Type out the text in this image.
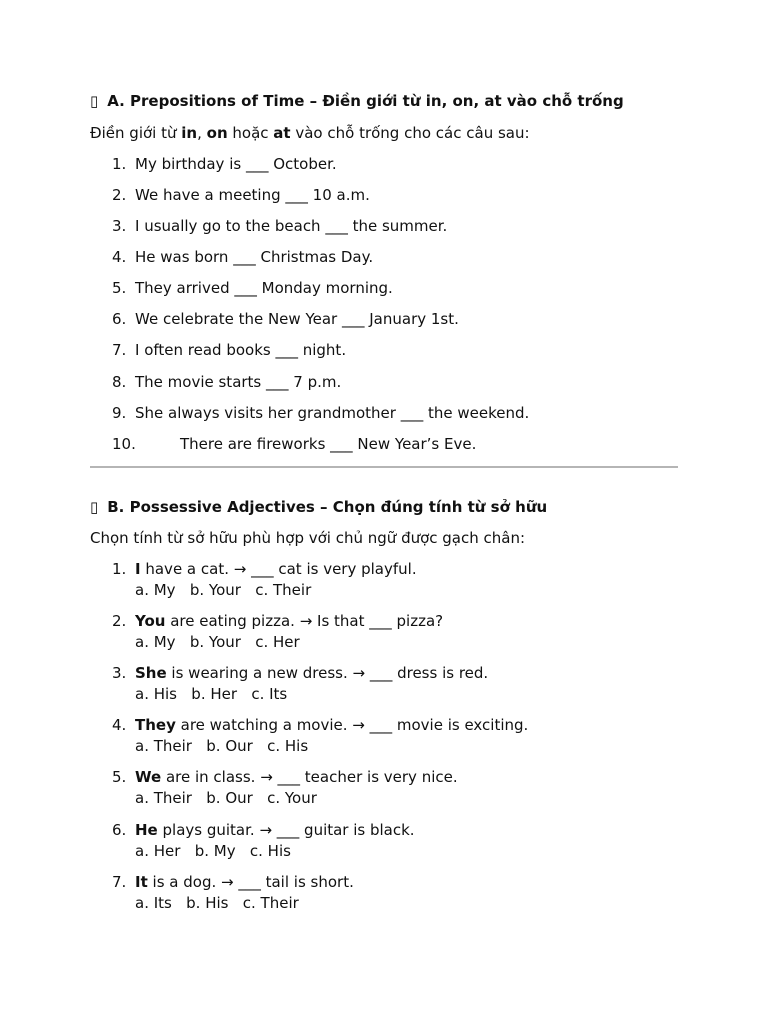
▯ A. Prepositions of Time – Điền giới từ in, on, at vào chỗ trống
Điền giới từ in, on hoặc at vào chỗ trống cho các câu sau:
1. My birthday is ___ October.
2. We have a meeting ___ 10 a.m.
3. I usually go to the beach ___ the summer.
4. He was born ___ Christmas Day.
5. They arrived ___ Monday morning.
6. We celebrate the New Year ___ January 1st.
7. I often read books ___ night.
8. The movie starts ___ 7 p.m.
9. She always visits her grandmother ___ the weekend.
10.	There are fireworks ___ New Year’s Eve.
▯ B. Possessive Adjectives – Chọn đúng tính từ sở hữu
Chọn tính từ sở hữu phù hợp với chủ ngữ được gạch chân:
1. I have a cat. → ___ cat is very playful.
a. My   b. Your   c. Their
2. You are eating pizza. → Is that ___ pizza?
a. My   b. Your   c. Her
3. She is wearing a new dress. → ___ dress is red.
a. His   b. Her   c. Its
4. They are watching a movie. → ___ movie is exciting.
a. Their   b. Our   c. His
5. We are in class. → ___ teacher is very nice.
a. Their   b. Our   c. Your
6. He plays guitar. → ___ guitar is black.
a. Her   b. My   c. His
7. It is a dog. → ___ tail is short.
a. Its   b. His   c. Their
